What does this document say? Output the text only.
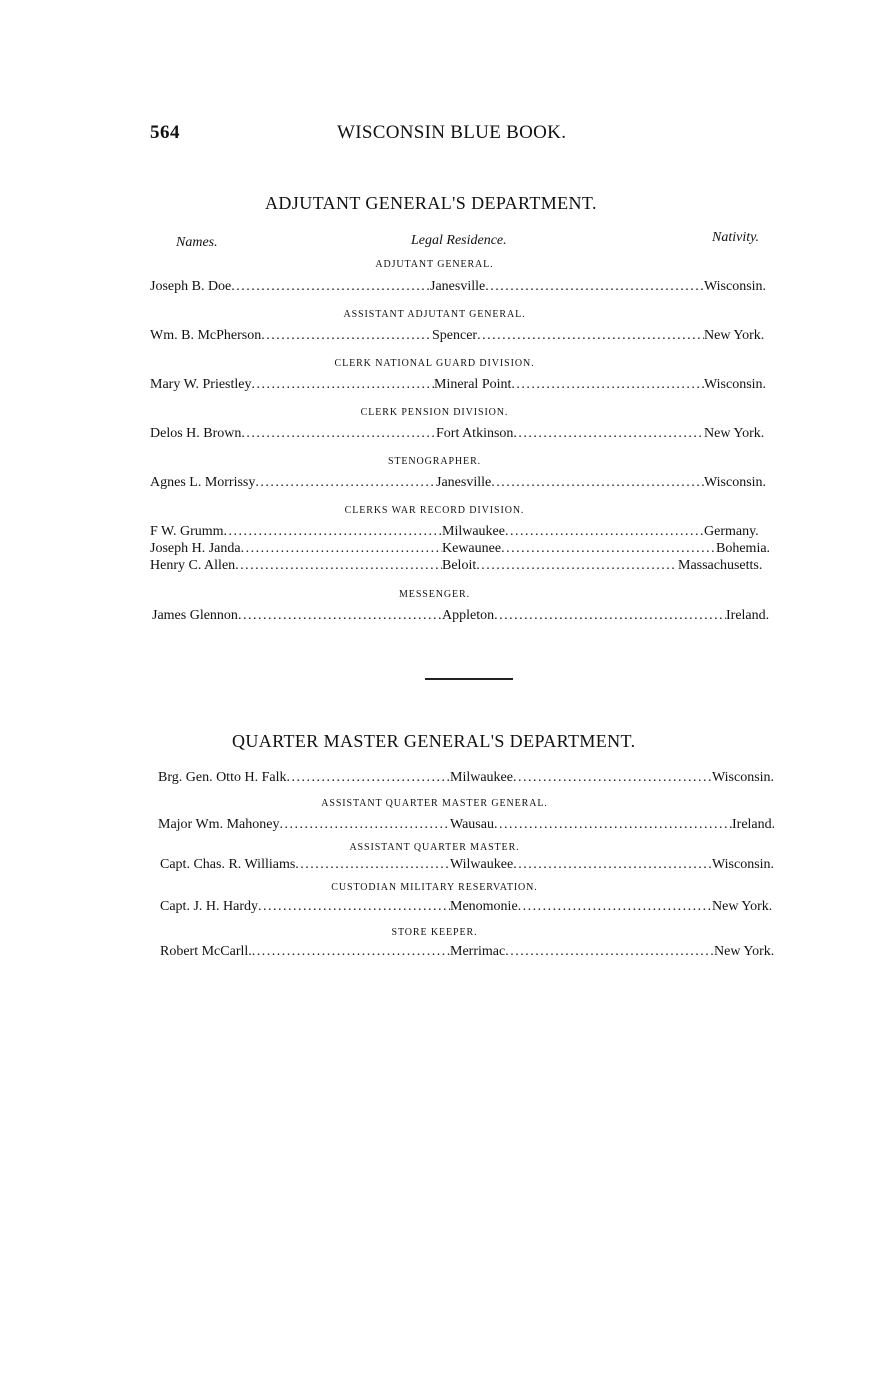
564	WISCONSIN BLUE BOOK.
ADJUTANT GENERAL'S DEPARTMENT.
Names.	Legal Residence.	Nativity.
ADJUTANT GENERAL.
Joseph B. Doe . . .	Janesville . . .	Wisconsin.
ASSISTANT ADJUTANT GENERAL.
Wm. B. McPherson . . .	Spencer . . .	New York.
CLERK NATIONAL GUARD DIVISION.
Mary W. Priestley . . .	Mineral Point . . .	Wisconsin.
CLERK PENSION DIVISION.
Delos H. Brown . . .	Fort Atkinson . . .	New York.
STENOGRAPHER.
Agnes L. Morrissy . . .	Janesville . . .	Wisconsin.
CLERKS WAR RECORD DIVISION.
F W. Grumm . . .	Milwaukee . . .	Germany.
Joseph H. Janda . . .	Kewaunee . . .	Bohemia.
Henry C. Allen . . .	Beloit . . .	Massachusetts.
MESSENGER.
James Glennon . . .	Appleton . . .	Ireland.
QUARTER MASTER GENERAL'S DEPARTMENT.
Brg. Gen. Otto H. Falk . . .	Milwaukee . . .	Wisconsin.
ASSISTANT QUARTER MASTER GENERAL.
Major Wm. Mahoney . . .	Wausau . . .	Ireland.
ASSISTANT QUARTER MASTER.
Capt. Chas. R. Williams . . .	Wilwaukee . . .	Wisconsin.
CUSTODIAN MILITARY RESERVATION.
Capt. J. H. Hardy . . .	Menomonie . . .	New York.
STORE KEEPER.
Robert McCarll. . . .	Merrimac . . .	New York.
